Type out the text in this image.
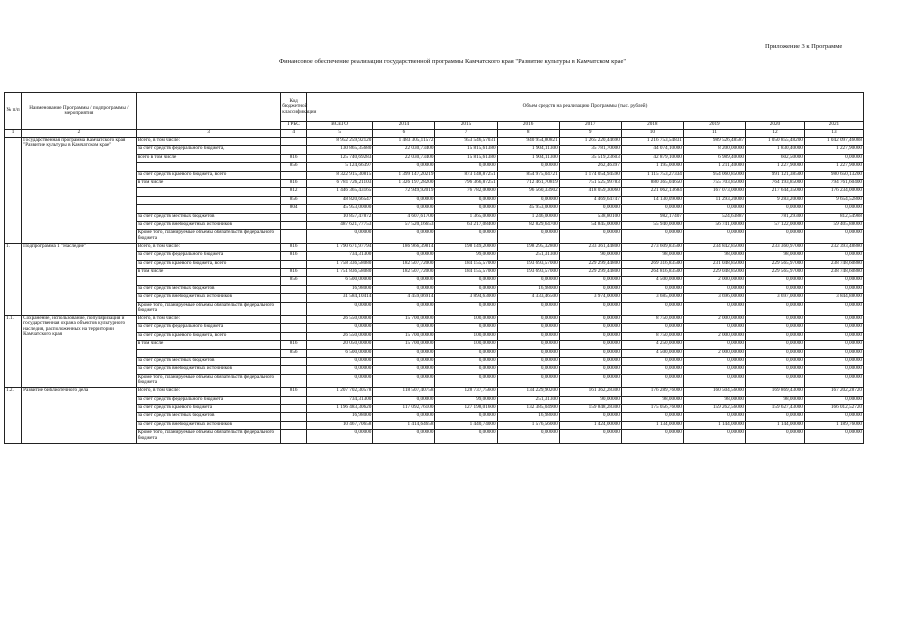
Приложение 3 к Программе
Финансовое обеспечение реализации государственной программы Камчатского края "Развитие культуры в Камчатском крае"
№ п/п	Наименование Программы / подпрограммы / мероприятия		Код бюджетной классификации	Объем средств на реализацию Программы (тыс. рублей)								
			ГРБС	ВСЕГО	2014	2015	2016	2017	2018	2019	2020	2021
1	2	3	4	5	6	7	8	9	10	11	12	13
	Государственная программа Камчатского края "Развитие культуры в Камчатском крае"	Всего, в том числе:		8 952 259,92120	1 483 305,11572	953 546,57031	940 954,80821	1 265 220,44690	1 216 753,54831	989 526,48587	1 050 855,48200	1 042 097,46088
		за счет средств федерального бюджета,		130 865,35680	22 030,73400	15 815,61380	1 904,11300	35 781,70000	44 074,10000	8 200,00000	1 830,40000	1 227,90000
		всего в том числе	816	125 740,69283	22 030,73400	15 815,61380	1 904,11300	35 519,23603	42 879,10000	6 989,40000	602,50000	0,00000
			856	5 124,66397	0,00000	0,00000	0,00000	262,46397	1 195,00000	1 211,40000	1 227,90000	1 227,90000
		за счет средств краевого бюджета, всего		8 322 915,30815	1 399 147,20219	873 148,87251	854 975,04721	1 174 054,94590	1 115 753,27334	954 060,85000	991 121,38500	980 650,13200
		в том числе	816	6 781 726,21103	1 326 197,28200	796 366,87251	712 461,70819	751 525,99783	880 365,04650	755 703,85000	764 193,85000	794 761,60400
			812	1 446 365,43165	72 949,92019	76 782,00000	96 560,33902	418 059,30060	221 062,13684	167 073,00000	217 644,35000	176 234,00000
			856	48 820,66547	0,00000	0,00000	0,00000	4 469,64747	14 130,09000	11 293,20000	9 283,20000	9 654,52800
			804	45 953,00000	0,00000	0,00000	45 953,00000	0,00000	0,00000	0,00000	0,00000	0,00000
		за счет средств местных бюджетов		10 857,47872	4 607,61700	1 365,00000	1 246,00000	538,80100	982,17407	524,63887	781,29300	812,54988
		за счет средств внебюджетных источников		487 621,77753	57 520,16653	63 217,08400	82 829,64700	54 845,00000	55 940,00000	56 741,00000	57 122,00000	59 405,88000
		Кроме того, планируемые объемы обязательств федерального бюджета		0,00000	0,00000	0,00000	0,00000	0,00000	0,00000	0,00000	0,00000	0,00000
1.	Подпрограмма 1 "Наследие"	Всего, в том числе:	816	1 790 671,97794	186 966,39814	198 149,20000	198 295,32800	233 361,44800	273 609,83500	234 842,85000	233 360,97000	232 393,48880
		за счет средств федерального бюджета	816	734,31300	0,00000	99,00000	251,31300	90,00000	98,00000	98,00000	98,00000	0,00000
		за счет средств краевого бюджета, всего		1 758 336,58080	182 507,72000	184 155,57000	193 693,57000	229 299,44800	269 316,83500	231 048,85000	229 565,97000	238 748,60880
		в том числе	816	1 751 836,58080	182 507,72000	184 155,57000	193 693,57000	229 299,44800	264 816,83500	229 048,85000	229 565,97000	238 748,60880
			856	6 500,00000	0,00000	0,00000	0,00000	0,00000	4 500,00000	2 000,00000	0,00000	0,00000
		за счет средств местных бюджетов		16,98000	0,00000	0,00000	16,98000	0,00000	0,00000	0,00000	0,00000	0,00000
		за счет средств внебюджетных источников		31 584,10414	4 459,06914	3 894,63000	4 333,46500	3 974,00000	3 685,00000	3 696,00000	3 697,00000	3 844,88000
		Кроме того, планируемые объемы обязательств федерального бюджета		0,00000	0,00000	0,00000	0,00000	0,00000	0,00000	0,00000	0,00000	0,00000
1.1.	Сохранение, использование, популяризация и государственная охрана объектов культурного наследия, расположенных на территории Камчатского края	Всего, в том числе:		26 550,00000	15 700,00000	100,00000	0,00000	0,00000	8 750,00000	2 000,00000	0,00000	0,00000
		за счет средств федерального бюджета		0,00000	0,00000	0,00000	0,00000	0,00000	0,00000	0,00000	0,00000	0,00000
		за счет средств краевого бюджета, всего		26 550,00000	15 700,00000	100,00000	0,00000	0,00000	8 750,00000	2 000,00000	0,00000	0,00000
		в том числе	816	20 050,00000	15 700,00000	100,00000	0,00000	0,00000	4 250,00000	0,00000	0,00000	0,00000
			856	6 500,00000	0,00000	0,00000	0,00000	0,00000	4 500,00000	2 000,00000	0,00000	0,00000
		за счет средств местных бюджетов		0,00000	0,00000	0,00000	0,00000	0,00000	0,00000	0,00000	0,00000	0,00000
		за счет средств внебюджетных источников		0,00000	0,00000	0,00000	0,00000	0,00000	0,00000	0,00000	0,00000	0,00000
		Кроме того, планируемые объемы обязательств федерального бюджета		0,00000	0,00000	0,00000	0,00000	0,00000	0,00000	0,00000	0,00000	0,00000
1.2.	Развитие библиотечного дела	Всего, в том числе:	816	1 207 702,30578	118 507,40758	128 737,75600	134 229,90200	161 362,28300	176 289,76000	160 504,56000	169 869,43000	167 202,28720
		за счет средств федерального бюджета		734,31300	0,00000	99,00000	251,31300	90,00000	98,00000	98,00000	98,00000	0,00000
		за счет средств краевого бюджета		1 196 483,30620	117 092,76100	127 198,01600	132 385,04900	159 848,28300	175 056,76000	159 262,56000	159 627,43000	166 012,52720
		за счет средств местных бюджетов		16,98000	0,00000	0,00000	16,98000	0,00000	0,00000	0,00000	0,00000	0,00000
		за счет средств внебюджетных источников		10 467,70658	1 414,64658	1 440,74000	1 576,56000	1 424,00000	1 134,00000	1 144,00000	1 144,00000	1 189,76000
		Кроме того, планируемые объемы обязательств федерального бюджета		0,00000	0,00000	0,00000	0,00000	0,00000	0,00000	0,00000	0,00000	0,00000
